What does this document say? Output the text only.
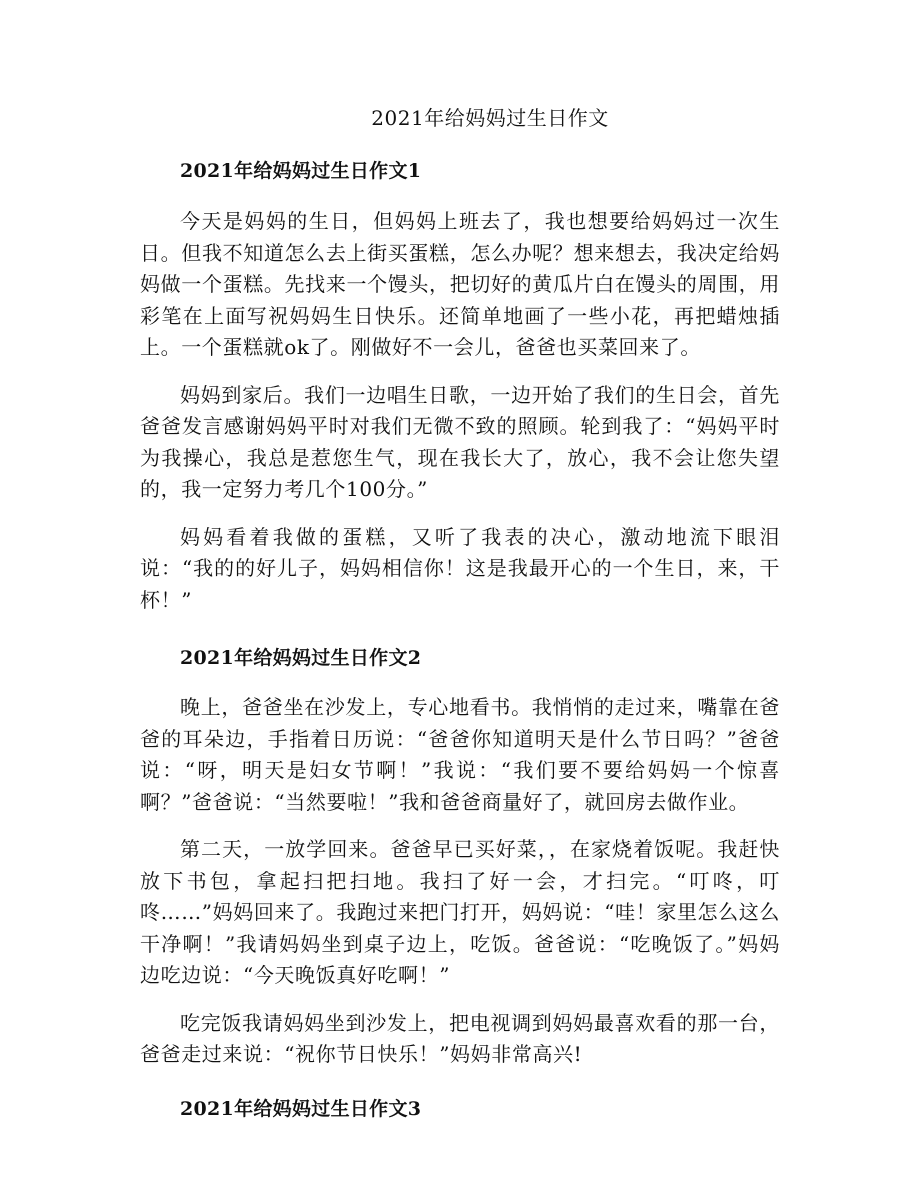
2021年给妈妈过生日作文

2021年给妈妈过生日作文1

今天是妈妈的生日，但妈妈上班去了，我也想要给妈妈过一次生日。但我不知道怎么去上街买蛋糕，怎么办呢？想来想去，我决定给妈妈做一个蛋糕。先找来一个馒头，把切好的黄瓜片白在馒头的周围，用彩笔在上面写祝妈妈生日快乐。还简单地画了一些小花，再把蜡烛插上。一个蛋糕就ok了。刚做好不一会儿，爸爸也买菜回来了。

妈妈到家后。我们一边唱生日歌，一边开始了我们的生日会，首先爸爸发言感谢妈妈平时对我们无微不致的照顾。轮到我了：“妈妈平时为我操心，我总是惹您生气，现在我长大了，放心，我不会让您失望的，我一定努力考几个100分。”

妈妈看着我做的蛋糕，又听了我表的决心，激动地流下眼泪说：“我的的好儿子，妈妈相信你！这是我最开心的一个生日，来，干杯！”

2021年给妈妈过生日作文2

晚上，爸爸坐在沙发上，专心地看书。我悄悄的走过来，嘴靠在爸爸的耳朵边，手指着日历说：“爸爸你知道明天是什么节日吗？”爸爸说：“呀，明天是妇女节啊！”我说：“我们要不要给妈妈一个惊喜啊？”爸爸说：“当然要啦！”我和爸爸商量好了，就回房去做作业。

第二天，一放学回来。爸爸早已买好菜，，在家烧着饭呢。我赶快放下书包，拿起扫把扫地。我扫了好一会，才扫完。“叮咚，叮咚……”妈妈回来了。我跑过来把门打开，妈妈说：“哇！家里怎么这么干净啊！”我请妈妈坐到桌子边上，吃饭。爸爸说：“吃晚饭了。”妈妈边吃边说：“今天晚饭真好吃啊！”

吃完饭我请妈妈坐到沙发上，把电视调到妈妈最喜欢看的那一台，爸爸走过来说：“祝你节日快乐！”妈妈非常高兴!

2021年给妈妈过生日作文3
